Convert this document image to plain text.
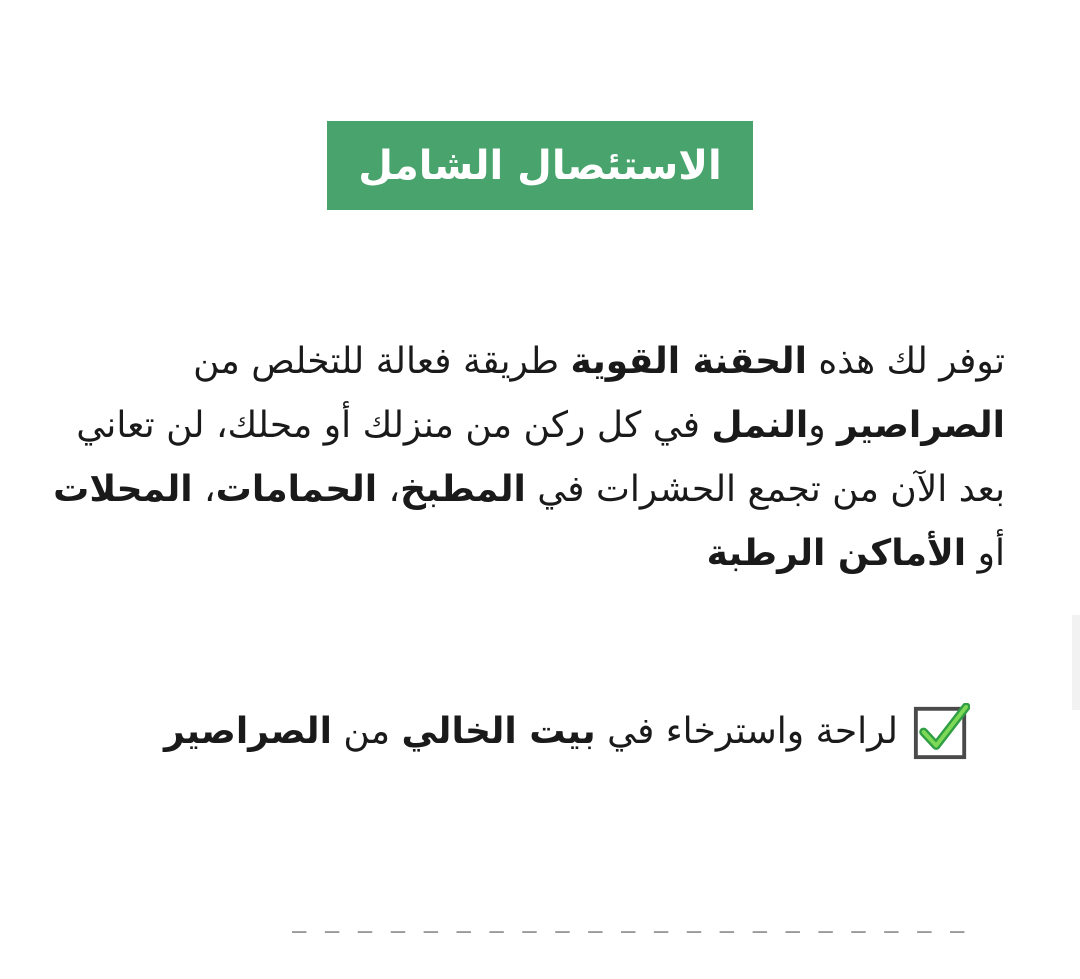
الاستئصال الشامل

توفر لك هذه الحقنة القوية طريقة فعالة للتخلص من الصراصير والنمل في كل ركن من منزلك أو محلك، لن تعاني بعد الآن من تجمع الحشرات في المطبخ، الحمامات، المحلات أو الأماكن الرطبة

لراحة واسترخاء في بيت الخالي من الصراصير
_ _ _ _ _ _ _ _ _ _ _ _ _ _ _ _ _ _ _ _ _
